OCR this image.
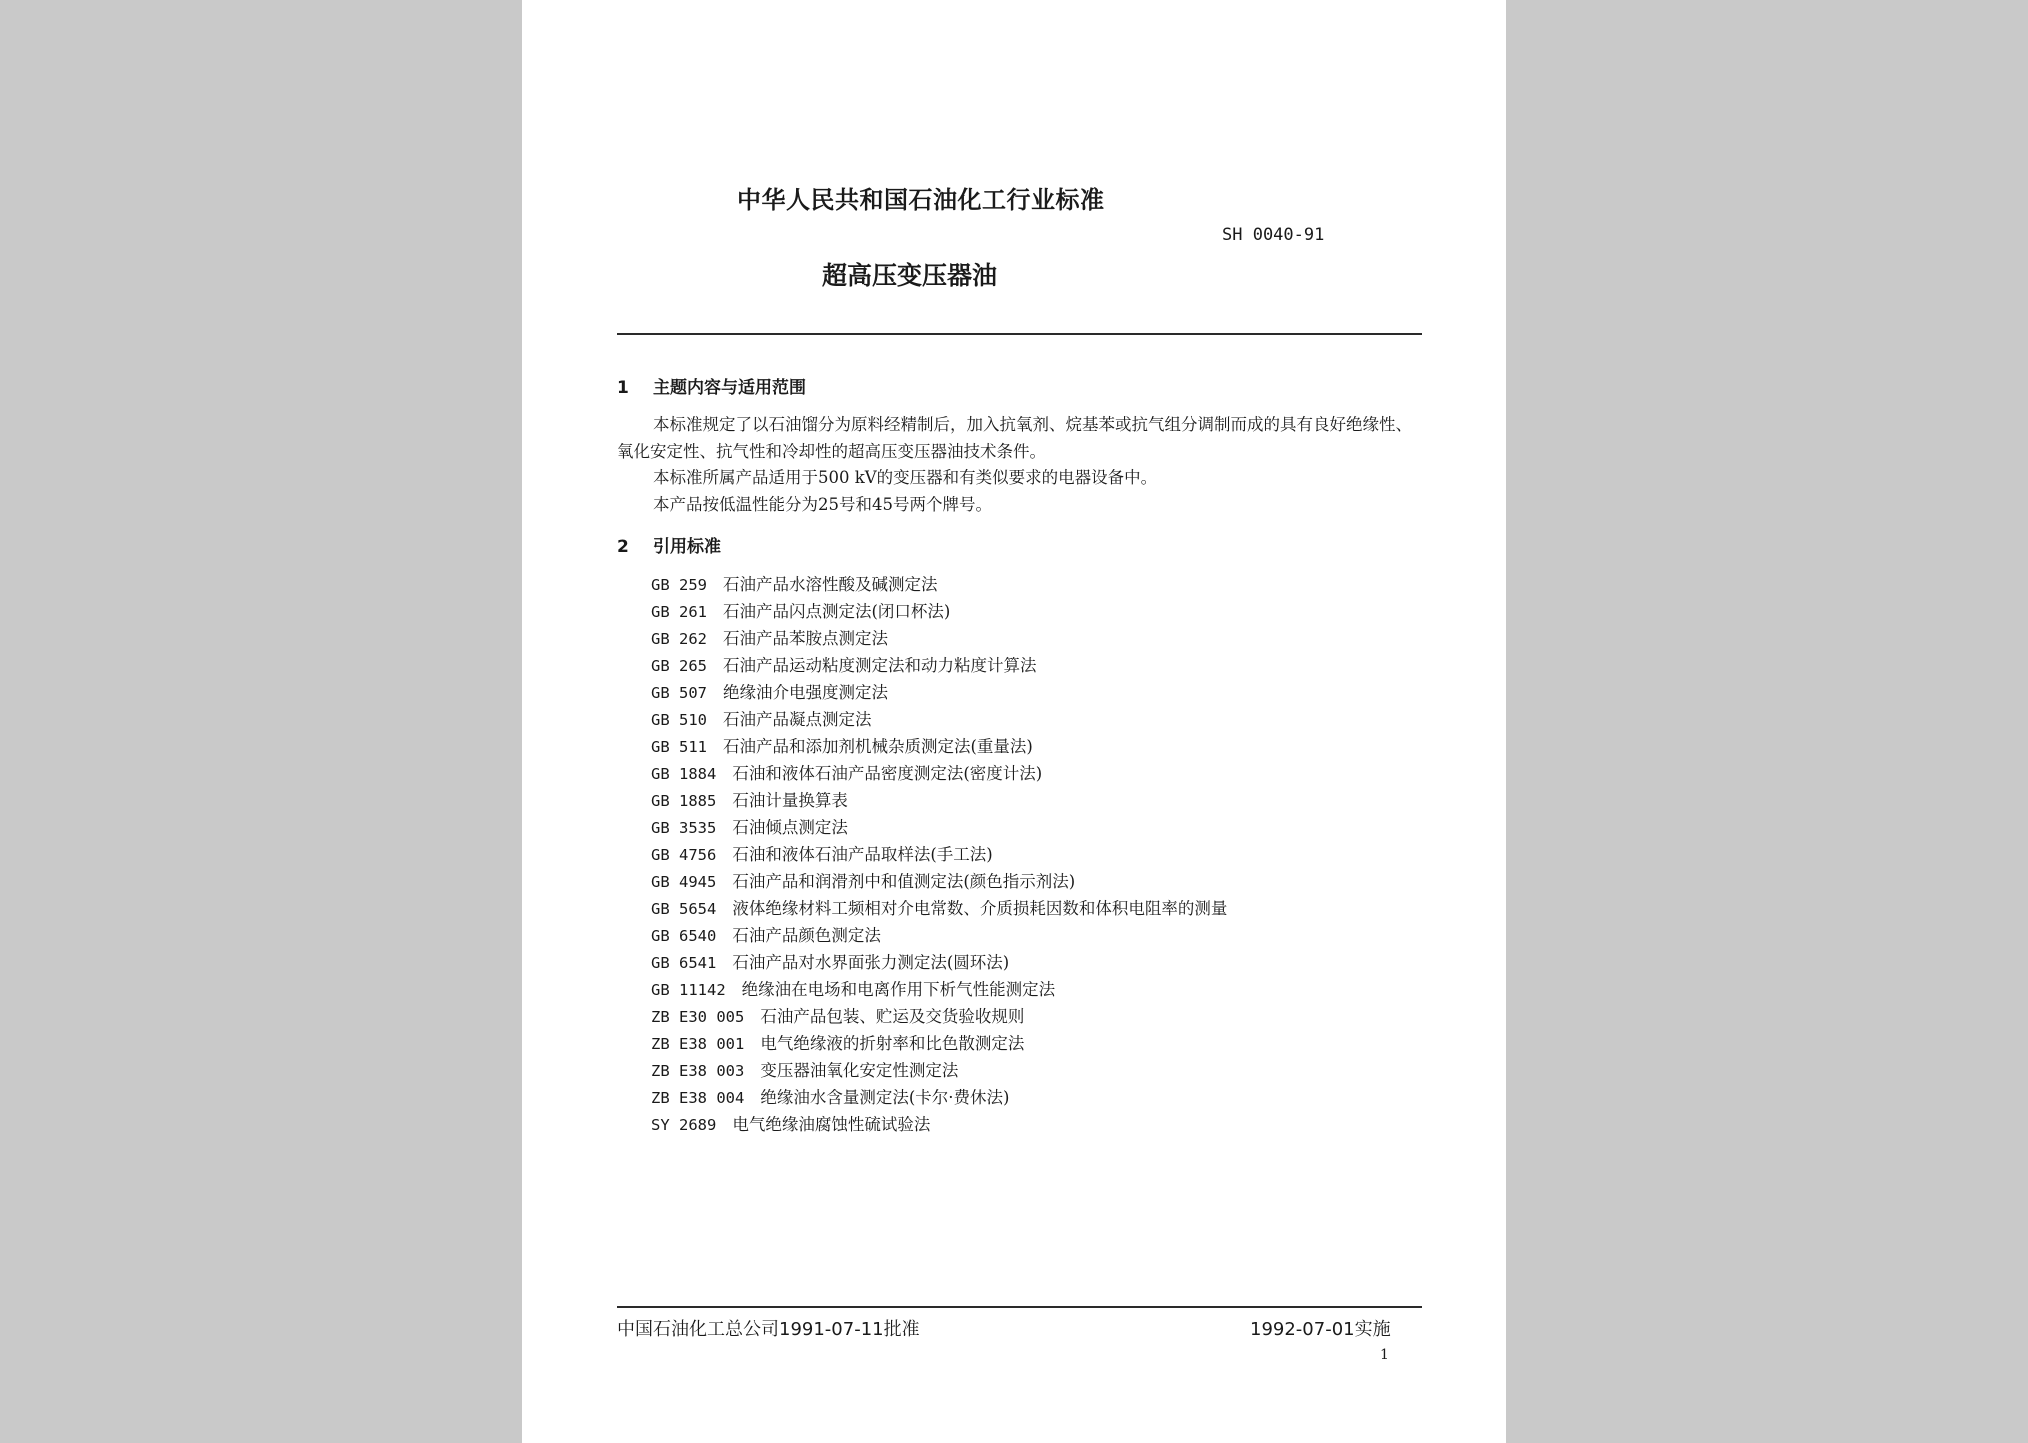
中华人民共和国石油化工行业标准
SH 0040-91
超高压变压器油
1 主题内容与适用范围
本标准规定了以石油馏分为原料经精制后，加入抗氧剂、烷基苯或抗气组分调制而成的具有良好绝缘性、氧化安定性、抗气性和冷却性的超高压变压器油技术条件。
本标准所属产品适用于500 kV的变压器和有类似要求的电器设备中。
本产品按低温性能分为25号和45号两个牌号。
2 引用标准
GB 259 石油产品水溶性酸及碱测定法
GB 261 石油产品闪点测定法(闭口杯法)
GB 262 石油产品苯胺点测定法
GB 265 石油产品运动粘度测定法和动力粘度计算法
GB 507 绝缘油介电强度测定法
GB 510 石油产品凝点测定法
GB 511 石油产品和添加剂机械杂质测定法(重量法)
GB 1884 石油和液体石油产品密度测定法(密度计法)
GB 1885 石油计量换算表
GB 3535 石油倾点测定法
GB 4756 石油和液体石油产品取样法(手工法)
GB 4945 石油产品和润滑剂中和值测定法(颜色指示剂法)
GB 5654 液体绝缘材料工频相对介电常数、介质损耗因数和体积电阻率的测量
GB 6540 石油产品颜色测定法
GB 6541 石油产品对水界面张力测定法(圆环法)
GB 11142 绝缘油在电场和电离作用下析气性能测定法
ZB E30 005 石油产品包装、贮运及交货验收规则
ZB E38 001 电气绝缘液的折射率和比色散测定法
ZB E38 003 变压器油氧化安定性测定法
ZB E38 004 绝缘油水含量测定法(卡尔·费休法)
SY 2689 电气绝缘油腐蚀性硫试验法
中国石油化工总公司1991-07-11批准	1992-07-01实施
1
